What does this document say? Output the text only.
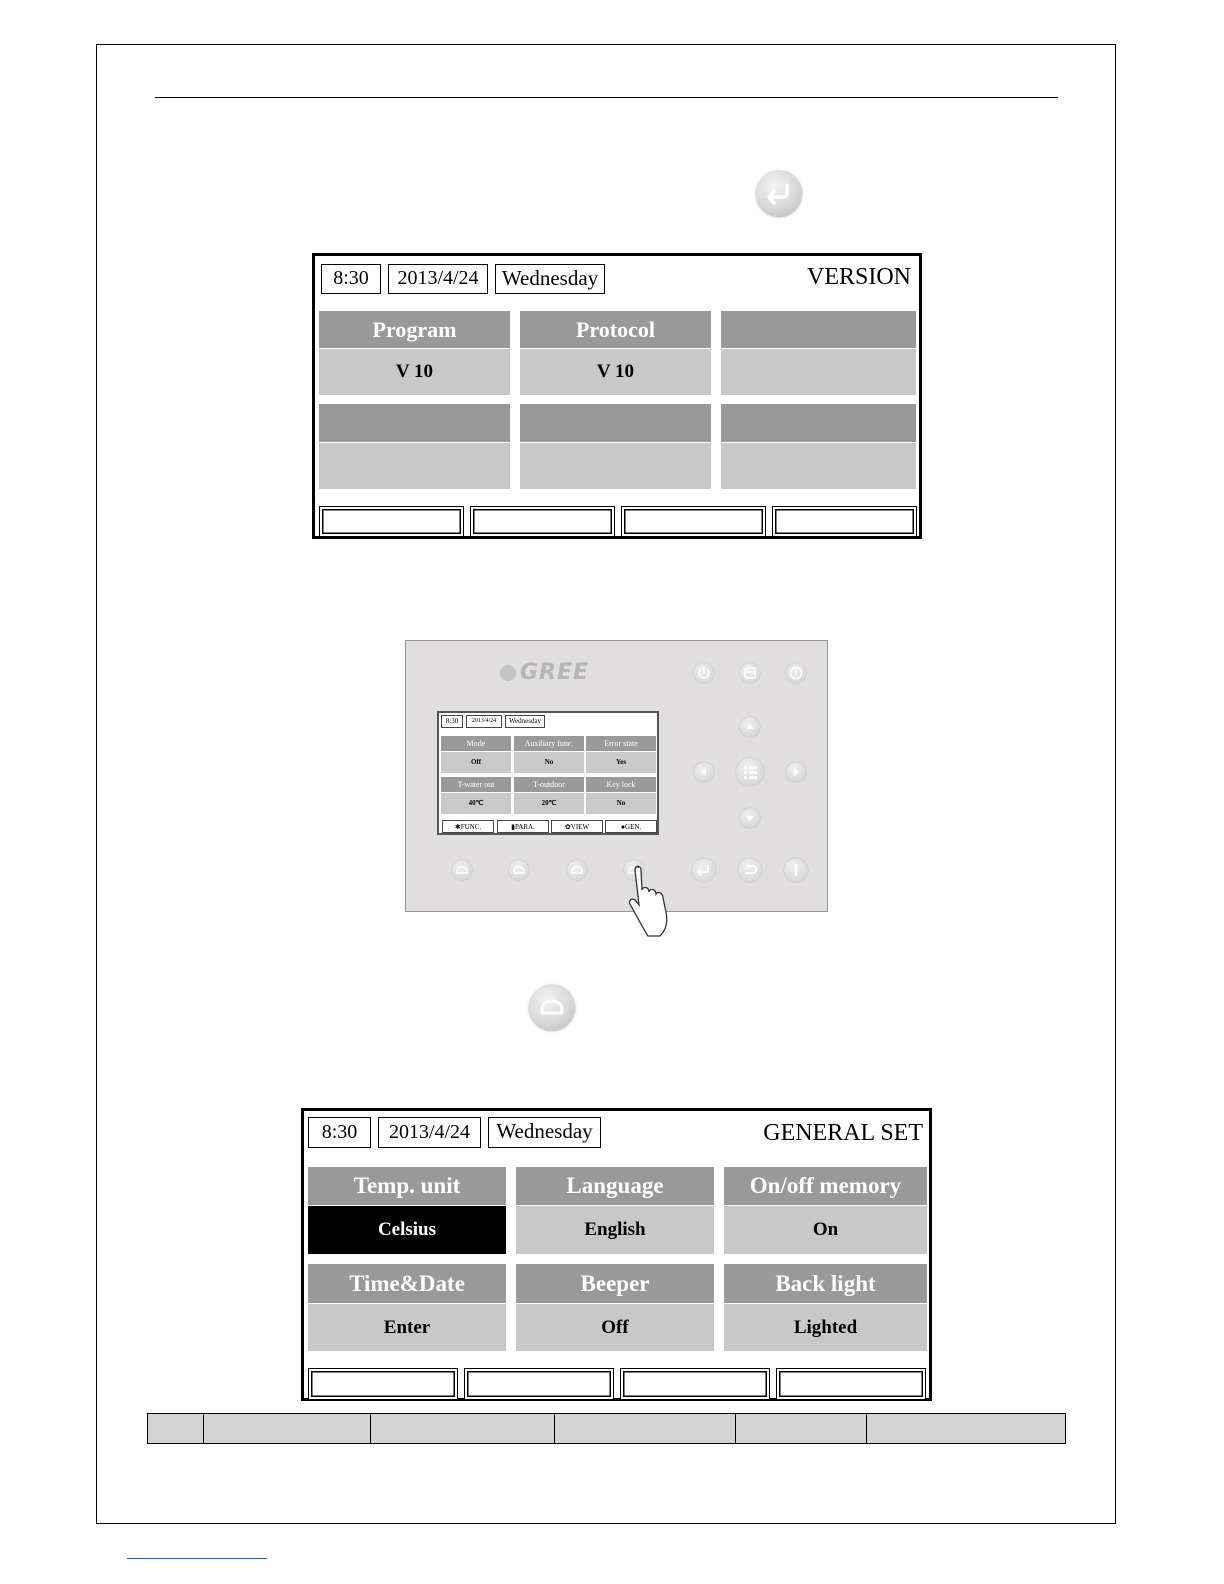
8:30	2013/4/24	Wednesday	VERSION
Program
V 10
Protocol
V 10
GREE
8:30	2013/4/24	Wednesday
Mode
Off
Auxiliary func.
No
Error state
Yes
T-water out
40℃
T-outdoor
20℃
Key lock
No
✱FUNC.	▮PARA.	✿VIEW	●GEN.
8:30	2013/4/24	Wednesday	GENERAL SET
Temp. unit
Celsius
Language
English
On/off memory
On
Time&Date
Enter
Beeper
Off
Back light
Lighted
